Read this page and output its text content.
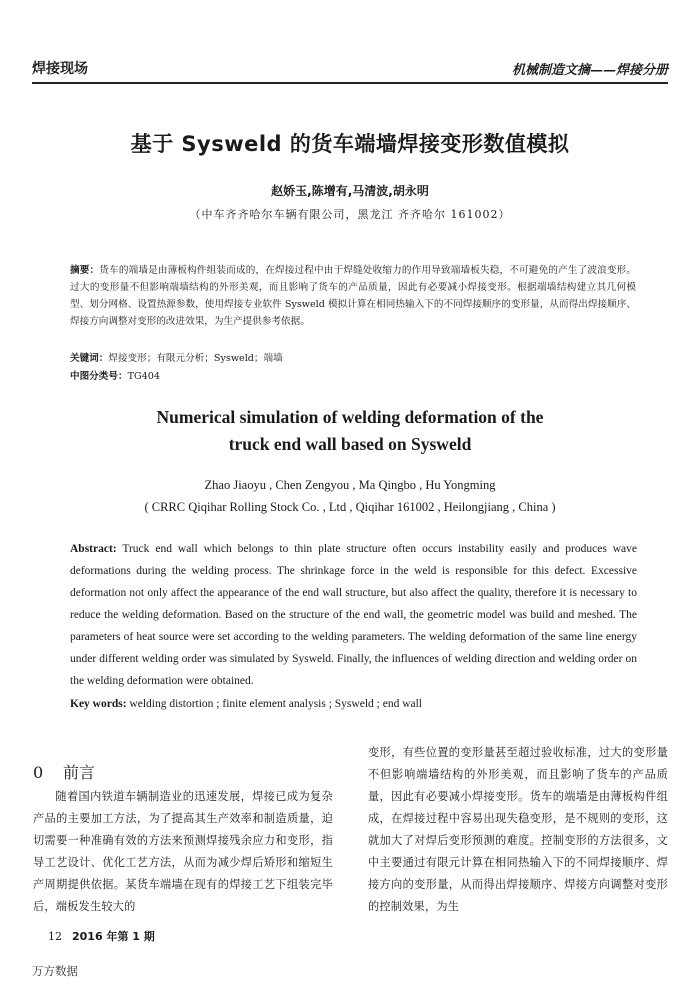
焊接现场	机械制造文摘——焊接分册
基于 Sysweld 的货车端墙焊接变形数值模拟
赵娇玉,陈增有,马清波,胡永明
（中车齐齐哈尔车辆有限公司，黑龙江 齐齐哈尔 161002）
摘要：货车的端墙是由薄板构件组装而成的，在焊接过程中由于焊缝处收缩力的作用导致端墙板失稳，不可避免的产生了波浪变形。过大的变形量不但影响端墙结构的外形美观，而且影响了货车的产品质量，因此有必要减小焊接变形。根据端墙结构建立其几何模型、划分网格、设置热源参数，使用焊接专业软件 Sysweld 模拟计算在相同热输入下的不同焊接顺序的变形量，从而得出焊接顺序、焊接方向调整对变形的改进效果，为生产提供参考依据。
关键词：焊接变形；有限元分析；Sysweld；端墙
中图分类号：TG404
Numerical simulation of welding deformation of the
truck end wall based on Sysweld
Zhao Jiaoyu , Chen Zengyou , Ma Qingbo , Hu Yongming
( CRRC Qiqihar Rolling Stock Co. , Ltd , Qiqihar 161002 , Heilongjiang , China )
Abstract: Truck end wall which belongs to thin plate structure often occurs instability easily and produces wave deformations during the welding process. The shrinkage force in the weld is responsible for this defect. Excessive deformation not only affect the appearance of the end wall structure, but also affect the quality, therefore it is necessary to reduce the welding deformation. Based on the structure of the end wall, the geometric model was build and meshed. The parameters of heat source were set according to the welding parameters. The welding deformation of the same line energy under different welding order was simulated by Sysweld. Finally, the influences of welding direction and welding order on the welding deformation were obtained.
Key words: welding distortion ; finite element analysis ; Sysweld ; end wall
0 前言
随着国内铁道车辆制造业的迅速发展，焊接已成为复杂产品的主要加工方法，为了提高其生产效率和制造质量，迫切需要一种准确有效的方法来预测焊接残余应力和变形，指导工艺设计、优化工艺方法，从而为减少焊后矫形和缩短生产周期提供依据。某货车端墙在现有的焊接工艺下组装完毕后，端板发生较大的
变形，有些位置的变形量甚至超过验收标准，过大的变形量不但影响端墙结构的外形美观，而且影响了货车的产品质量，因此有必要减小焊接变形。货车的端墙是由薄板构件组成，在焊接过程中容易出现失稳变形，是不规则的变形，这就加大了对焊后变形预测的难度。控制变形的方法很多，文中主要通过有限元计算在相同热输入下的不同焊接顺序、焊接方向的变形量，从而得出焊接顺序、焊接方向调整对变形的控制效果，为生
12 2016 年第 1 期
万方数据
